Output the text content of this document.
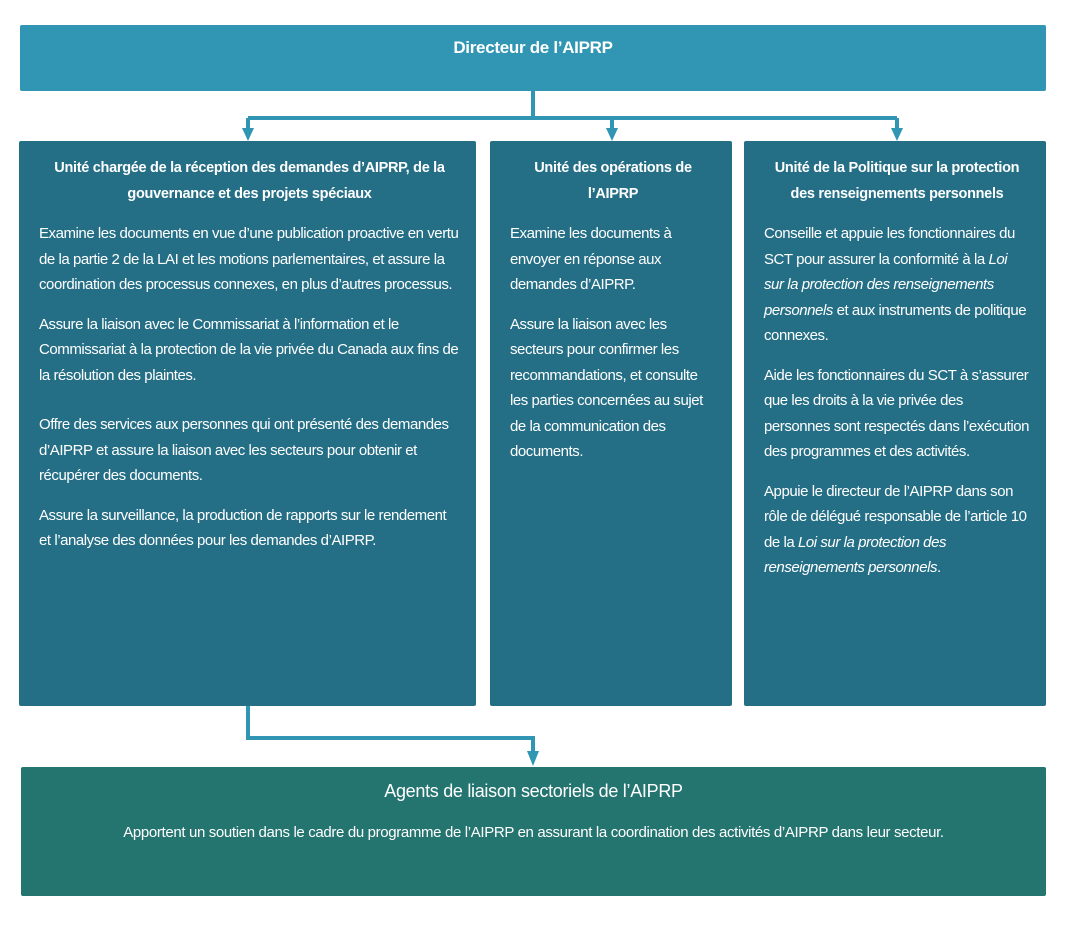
Directeur de l’AIPRP
Unité chargée de la réception des demandes d’AIPRP, de la gouvernance et des projets spéciaux

Examine les documents en vue d’une publication proactive en vertu de la partie 2 de la LAI et les motions parlementaires, et assure la coordination des processus connexes, en plus d’autres processus.

Assure la liaison avec le Commissariat à l’information et le Commissariat à la protection de la vie privée du Canada aux fins de la résolution des plaintes.

Offre des services aux personnes qui ont présenté des demandes d’AIPRP et assure la liaison avec les secteurs pour obtenir et récupérer des documents.

Assure la surveillance, la production de rapports sur le rendement et l’analyse des données pour les demandes d’AIPRP.

Unité des opérations de l’AIPRP

Examine les documents à envoyer en réponse aux demandes d’AIPRP.

Assure la liaison avec les secteurs pour confirmer les recommandations, et consulte les parties concernées au sujet de la communication des documents.

Unité de la Politique sur la protection des renseignements personnels

Conseille et appuie les fonctionnaires du SCT pour assurer la conformité à la Loi sur la protection des renseignements personnels et aux instruments de politique connexes.

Aide les fonctionnaires du SCT à s’assurer que les droits à la vie privée des personnes sont respectés dans l’exécution des programmes et des activités.

Appuie le directeur de l’AIPRP dans son rôle de délégué responsable de l’article 10 de la Loi sur la protection des renseignements personnels.

Agents de liaison sectoriels de l’AIPRP

Apportent un soutien dans le cadre du programme de l’AIPRP en assurant la coordination des activités d’AIPRP dans leur secteur.
